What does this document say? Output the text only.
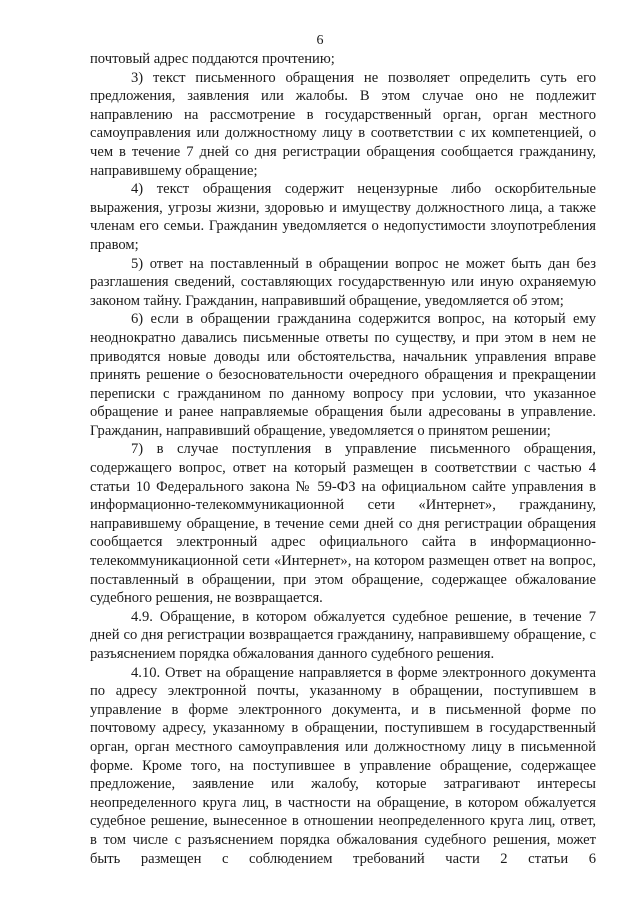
6

почтовый адрес поддаются прочтению;

3) текст письменного обращения не позволяет определить суть его предложения, заявления или жалобы. В этом случае оно не подлежит направлению на рассмотрение в государственный орган, орган местного самоуправления или должностному лицу в соответствии с их компетенцией, о чем в течение 7 дней со дня регистрации обращения сообщается гражданину, направившему обращение;

4) текст обращения содержит нецензурные либо оскорбительные выражения, угрозы жизни, здоровью и имуществу должностного лица, а также членам его семьи. Гражданин уведомляется о недопустимости злоупотребления правом;

5) ответ на поставленный в обращении вопрос не может быть дан без разглашения сведений, составляющих государственную или иную охраняемую законом тайну. Гражданин, направивший обращение, уведомляется об этом;

6) если в обращении гражданина содержится вопрос, на который ему неоднократно давались письменные ответы по существу, и при этом в нем не приводятся новые доводы или обстоятельства, начальник управления вправе принять решение о безосновательности очередного обращения и прекращении переписки с гражданином по данному вопросу при условии, что указанное обращение и ранее направляемые обращения были адресованы в управление. Гражданин, направивший обращение, уведомляется о принятом решении;

7) в случае поступления в управление письменного обращения, содержащего вопрос, ответ на который размещен в соответствии с частью 4 статьи 10 Федерального закона № 59-ФЗ на официальном сайте управления в информационно-телекоммуникационной сети «Интернет», гражданину, направившему обращение, в течение семи дней со дня регистрации обращения сообщается электронный адрес официального сайта в информационно-телекоммуникационной сети «Интернет», на котором размещен ответ на вопрос, поставленный в обращении, при этом обращение, содержащее обжалование судебного решения, не возвращается.

4.9. Обращение, в котором обжалуется судебное решение, в течение 7 дней со дня регистрации возвращается гражданину, направившему обращение, с разъяснением порядка обжалования данного судебного решения.

4.10. Ответ на обращение направляется в форме электронного документа по адресу электронной почты, указанному в обращении, поступившем в управление в форме электронного документа, и в письменной форме по почтовому адресу, указанному в обращении, поступившем в государственный орган, орган местного самоуправления или должностному лицу в письменной форме. Кроме того, на поступившее в управление обращение, содержащее предложение, заявление или жалобу, которые затрагивают интересы неопределенного круга лиц, в частности на обращение, в котором обжалуется судебное решение, вынесенное в отношении неопределенного круга лиц, ответ, в том числе с разъяснением порядка обжалования судебного решения, может быть размещен с соблюдением требований части 2 статьи 6
